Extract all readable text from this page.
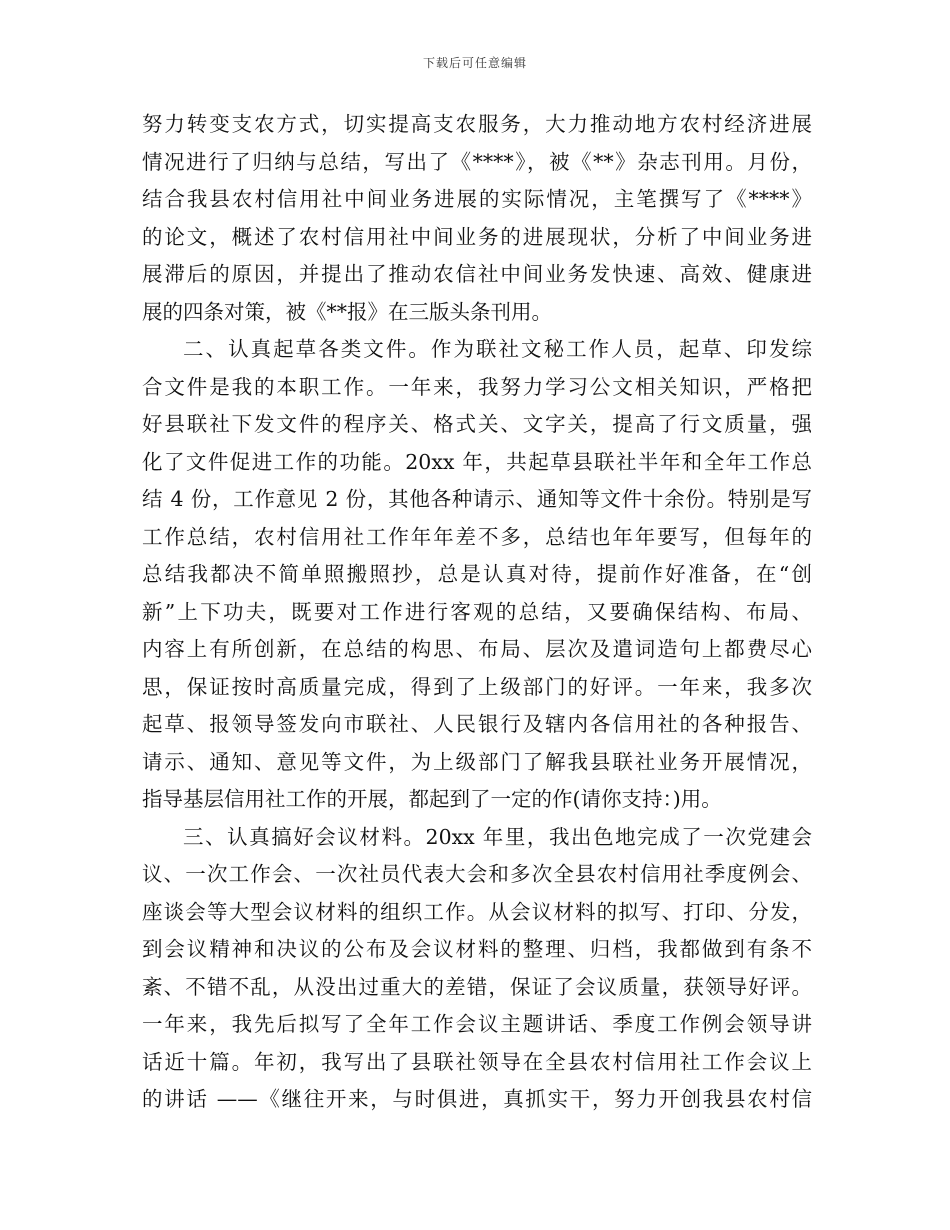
下载后可任意编辑
努力转变支农方式，切实提高支农服务，大力推动地方农村经济进展
情况进行了归纳与总结，写出了《****》，被《**》杂志刊用。月份，
结合我县农村信用社中间业务进展的实际情况，主笔撰写了《****》
的论文，概述了农村信用社中间业务的进展现状，分析了中间业务进
展滞后的原因，并提出了推动农信社中间业务发快速、高效、健康进
展的四条对策，被《**报》在三版头条刊用。
二、认真起草各类文件。作为联社文秘工作人员，起草、印发综
合文件是我的本职工作。一年来，我努力学习公文相关知识，严格把
好县联社下发文件的程序关、格式关、文字关，提高了行文质量，强
化了文件促进工作的功能。20xx 年，共起草县联社半年和全年工作总
结 4 份，工作意见 2 份，其他各种请示、通知等文件十余份。特别是写
工作总结，农村信用社工作年年差不多，总结也年年要写，但每年的
总结我都决不简单照搬照抄，总是认真对待，提前作好准备，在“创
新”上下功夫，既要对工作进行客观的总结，又要确保结构、布局、
内容上有所创新，在总结的构思、布局、层次及遣词造句上都费尽心
思，保证按时高质量完成，得到了上级部门的好评。一年来，我多次
起草、报领导签发向市联社、人民银行及辖内各信用社的各种报告、
请示、通知、意见等文件，为上级部门了解我县联社业务开展情况，
指导基层信用社工作的开展，都起到了一定的作(请你支持：)用。
三、认真搞好会议材料。20xx 年里，我出色地完成了一次党建会
议、一次工作会、一次社员代表大会和多次全县农村信用社季度例会、
座谈会等大型会议材料的组织工作。从会议材料的拟写、打印、分发，
到会议精神和决议的公布及会议材料的整理、归档，我都做到有条不
紊、不错不乱，从没出过重大的差错，保证了会议质量，获领导好评。
一年来，我先后拟写了全年工作会议主题讲话、季度工作例会领导讲
话近十篇。年初，我写出了县联社领导在全县农村信用社工作会议上
的讲话 ——《继往开来，与时俱进，真抓实干，努力开创我县农村信
